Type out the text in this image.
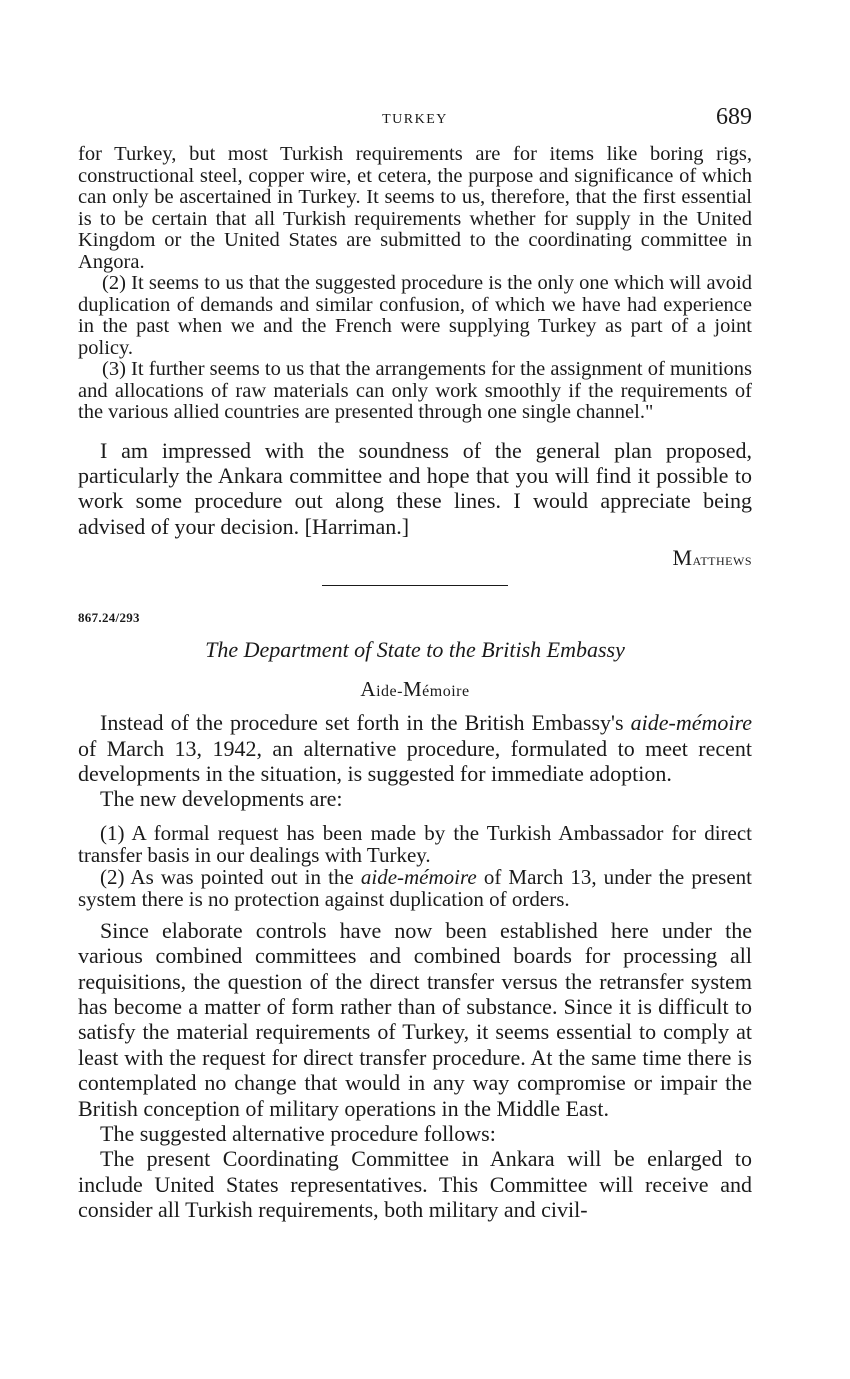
TURKEY	689

for Turkey, but most Turkish requirements are for items like boring rigs, constructional steel, copper wire, et cetera, the purpose and significance of which can only be ascertained in Turkey. It seems to us, therefore, that the first essential is to be certain that all Turkish requirements whether for supply in the United Kingdom or the United States are submitted to the coordinating committee in Angora.

(2) It seems to us that the suggested procedure is the only one which will avoid duplication of demands and similar confusion, of which we have had experience in the past when we and the French were supplying Turkey as part of a joint policy.

(3) It further seems to us that the arrangements for the assignment of munitions and allocations of raw materials can only work smoothly if the requirements of the various allied countries are presented through one single channel."

I am impressed with the soundness of the general plan proposed, particularly the Ankara committee and hope that you will find it possible to work some procedure out along these lines. I would appreciate being advised of your decision. [Harriman.]

Matthews
867.24/293
The Department of State to the British Embassy
Aide-Mémoire

Instead of the procedure set forth in the British Embassy's aide-mémoire of March 13, 1942, an alternative procedure, formulated to meet recent developments in the situation, is suggested for immediate adoption.

The new developments are:

(1) A formal request has been made by the Turkish Ambassador for direct transfer basis in our dealings with Turkey.

(2) As was pointed out in the aide-mémoire of March 13, under the present system there is no protection against duplication of orders.

Since elaborate controls have now been established here under the various combined committees and combined boards for processing all requisitions, the question of the direct transfer versus the retransfer system has become a matter of form rather than of substance. Since it is difficult to satisfy the material requirements of Turkey, it seems essential to comply at least with the request for direct transfer procedure. At the same time there is contemplated no change that would in any way compromise or impair the British conception of military operations in the Middle East.

The suggested alternative procedure follows:

The present Coordinating Committee in Ankara will be enlarged to include United States representatives. This Committee will receive and consider all Turkish requirements, both military and civil-
